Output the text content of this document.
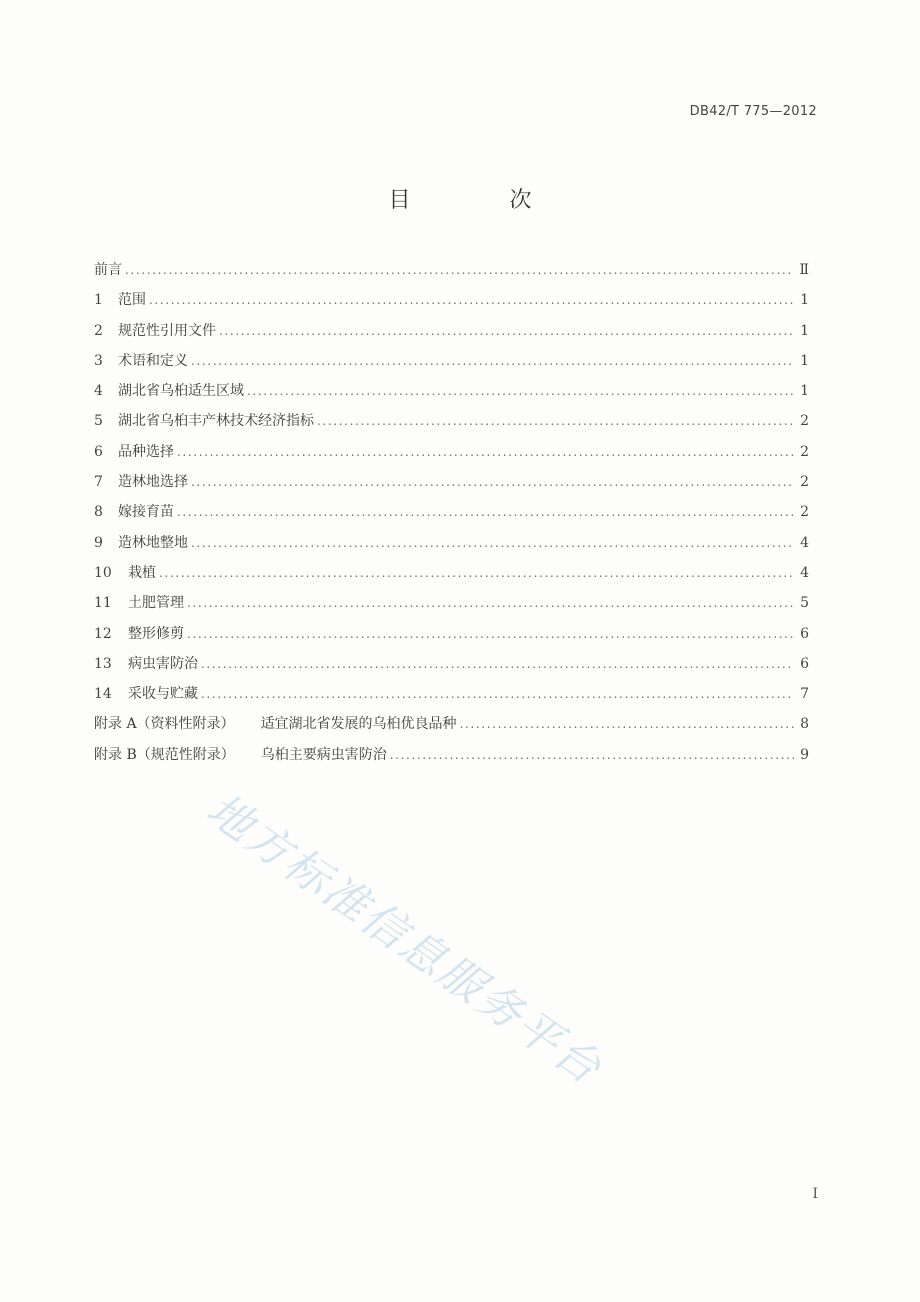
DB42/T 775—2012
目 次
前言 . . .	Ⅱ
1	范围 . . .	1
2	规范性引用文件 . . .	1
3	术语和定义 . . .	1
4	湖北省乌桕适生区域 . . .	1
5	湖北省乌桕丰产林技术经济指标 . . .	2
6	品种选择 . . .	2
7	造林地选择 . . .	2
8	嫁接育苗 . . .	2
9	造林地整地 . . .	4
10	栽植 . . .	4
11	土肥管理 . . .	5
12	整形修剪 . . .	6
13	病虫害防治 . . .	6
14	采收与贮藏 . . .	7
附录 A（资料性附录） 适宜湖北省发展的乌桕优良品种 . . .	8
附录 B（规范性附录） 乌桕主要病虫害防治 . . .	9
地方标准信息服务平台
I
